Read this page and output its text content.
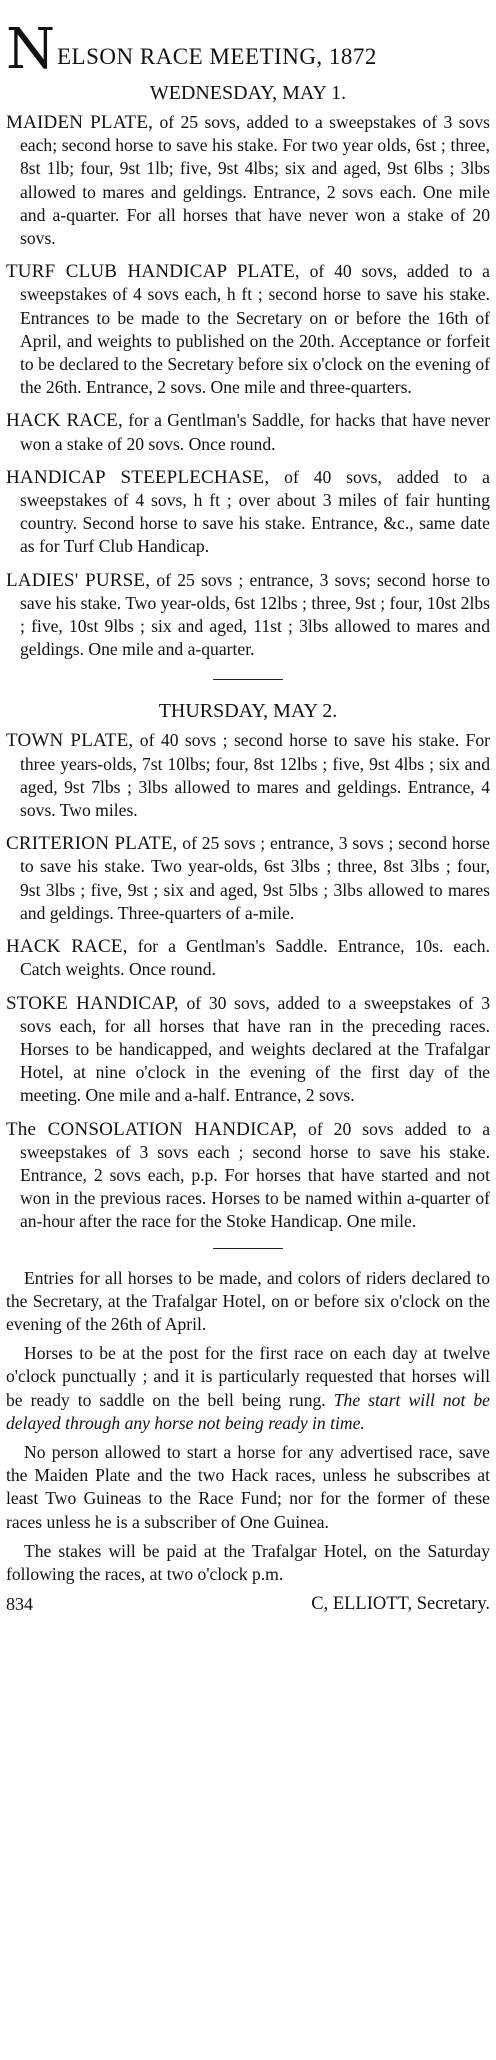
N ELSON RACE MEETING, 1872
WEDNESDAY, MAY 1.

MAIDEN PLATE, of 25 sovs, added to a sweepstakes of 3 sovs each; second horse to save his stake. For two year olds, 6st ; three, 8st 1lb; four, 9st 1lb; five, 9st 4lbs; six and aged, 9st 6lbs ; 3lbs allowed to mares and geldings. Entrance, 2 sovs each. One mile and a-quarter. For all horses that have never won a stake of 20 sovs.

TURF CLUB HANDICAP PLATE, of 40 sovs, added to a sweepstakes of 4 sovs each, h ft ; second horse to save his stake. Entrances to be made to the Secretary on or before the 16th of April, and weights to published on the 20th. Acceptance or forfeit to be declared to the Secretary before six o'clock on the evening of the 26th. Entrance, 2 sovs. One mile and three-quarters.

HACK RACE, for a Gentlman's Saddle, for hacks that have never won a stake of 20 sovs. Once round.

HANDICAP STEEPLECHASE, of 40 sovs, added to a sweepstakes of 4 sovs, h ft ; over about 3 miles of fair hunting country. Second horse to save his stake. Entrance, &c., same date as for Turf Club Handicap.

LADIES' PURSE, of 25 sovs ; entrance, 3 sovs; second horse to save his stake. Two year-olds, 6st 12lbs ; three, 9st ; four, 10st 2lbs ; five, 10st 9lbs ; six and aged, 11st ; 3lbs allowed to mares and geldings. One mile and a-quarter.

THURSDAY, MAY 2.

TOWN PLATE, of 40 sovs ; second horse to save his stake. For three years-olds, 7st 10lbs; four, 8st 12lbs ; five, 9st 4lbs ; six and aged, 9st 7lbs ; 3lbs allowed to mares and geldings. Entrance, 4 sovs. Two miles.

CRITERION PLATE, of 25 sovs ; entrance, 3 sovs ; second horse to save his stake. Two year-olds, 6st 3lbs ; three, 8st 3lbs ; four, 9st 3lbs ; five, 9st ; six and aged, 9st 5lbs ; 3lbs allowed to mares and geldings. Three-quarters of a-mile.

HACK RACE, for a Gentlman's Saddle. Entrance, 10s. each. Catch weights. Once round.

STOKE HANDICAP, of 30 sovs, added to a sweepstakes of 3 sovs each, for all horses that have ran in the preceding races. Horses to be handicapped, and weights declared at the Trafalgar Hotel, at nine o'clock in the evening of the first day of the meeting. One mile and a-half. Entrance, 2 sovs.

The CONSOLATION HANDICAP, of 20 sovs added to a sweepstakes of 3 sovs each ; second horse to save his stake. Entrance, 2 sovs each, p.p. For horses that have started and not won in the previous races. Horses to be named within a-quarter of an-hour after the race for the Stoke Handicap. One mile.

Entries for all horses to be made, and colors of riders declared to the Secretary, at the Trafalgar Hotel, on or before six o'clock on the evening of the 26th of April.

Horses to be at the post for the first race on each day at twelve o'clock punctually ; and it is particularly requested that horses will be ready to saddle on the bell being rung. The start will not be delayed through any horse not being ready in time.

No person allowed to start a horse for any advertised race, save the Maiden Plate and the two Hack races, unless he subscribes at least Two Guineas to the Race Fund; nor for the former of these races unless he is a subscriber of One Guinea.

The stakes will be paid at the Trafalgar Hotel, on the Saturday following the races, at two o'clock p.m.

834	C, ELLIOTT, Secretary.
